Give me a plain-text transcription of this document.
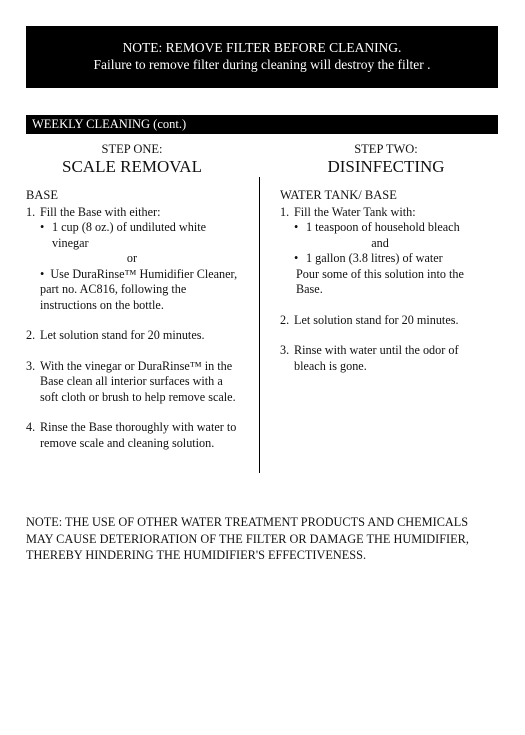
NOTE: REMOVE FILTER BEFORE CLEANING.
Failure to remove filter during cleaning will destroy the filter .
WEEKLY CLEANING (cont.)
STEP ONE:
SCALE REMOVAL
BASE
1. Fill the Base with either:
• 1 cup (8 oz.) of undiluted white vinegar
or
• Use DuraRinse™ Humidifier Cleaner, part no. AC816, following the instructions on the bottle.
2. Let solution stand for 20 minutes.
3. With the vinegar or DuraRinse™ in the Base clean all interior surfaces with a soft cloth or brush to help remove scale.
4. Rinse the Base thoroughly with water to remove scale and cleaning solution.
STEP TWO:
DISINFECTING
WATER TANK/ BASE
1. Fill the Water Tank with:
• 1 teaspoon of household bleach
and
• 1 gallon (3.8 litres) of water
Pour some of this solution into the Base.
2. Let solution stand for 20 minutes.
3. Rinse with water until the odor of bleach is gone.
NOTE: THE USE OF OTHER WATER TREATMENT PRODUCTS AND CHEMICALS MAY CAUSE DETERIORATION OF THE FILTER OR DAMAGE THE HUMIDIFIER, THEREBY HINDERING THE HUMIDIFIER'S EFFECTIVENESS.
